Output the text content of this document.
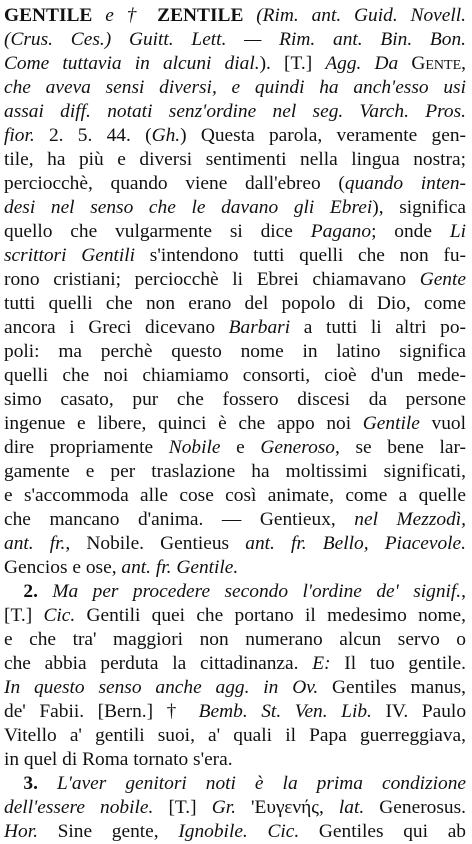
GENTILE e † ZENTILE (Rim. ant. Guid. Novell.
(Crus. Ces.) Guitt. Lett. — Rim. ant. Bin. Bon.
Come tuttavia in alcuni dial.). [T.] Agg. Da Gente,
che aveva sensi diversi, e quindi ha anch'esso usi
assai diff. notati senz'ordine nel seg. Varch. Pros.
fior. 2. 5. 44. (Gh.) Questa parola, veramente gen-
tile, ha più e diversi sentimenti nella lingua nostra;
perciocchè, quando viene dall'ebreo (quando inten-
desi nel senso che le davano gli Ebrei), significa
quello che vulgarmente si dice Pagano; onde Li
scrittori Gentili s'intendono tutti quelli che non fu-
rono cristiani; perciocchè li Ebrei chiamavano Gente
tutti quelli che non erano del popolo di Dio, come
ancora i Greci dicevano Barbari a tutti li altri po-
poli: ma perchè questo nome in latino significa
quelli che noi chiamiamo consorti, cioè d'un mede-
simo casato, pur che fossero discesi da persone
ingenue e libere, quinci è che appo noi Gentile vuol
dire propriamente Nobile e Generoso, se bene lar-
gamente e per traslazione ha moltissimi significati,
e s'accommoda alle cose così animate, come a quelle
che mancano d'anima. — Gentieux, nel Mezzodì,
ant. fr., Nobile. Gentieus ant. fr. Bello, Piacevole.
Gencios e ose, ant. fr. Gentile.
 2. Ma per procedere secondo l'ordine de' signif.,
[T.] Cic. Gentili quei che portano il medesimo nome,
e che tra' maggiori non numerano alcun servo o
che abbia perduta la cittadinanza. E: Il tuo gentile.
In questo senso anche agg. in Ov. Gentiles manus,
de' Fabii. [Bern.] † Bemb. St. Ven. Lib. IV. Paulo
Vitello a' gentili suoi, a' quali il Papa guerreggiava,
in quel di Roma tornato s'era.
 3. L'aver genitori noti è la prima condizione
dell'essere nobile. [T.] Gr. 'Ευγενής, lat. Generosus.
Hor. Sine gente, Ignobile. Cic. Gentiles qui ab
